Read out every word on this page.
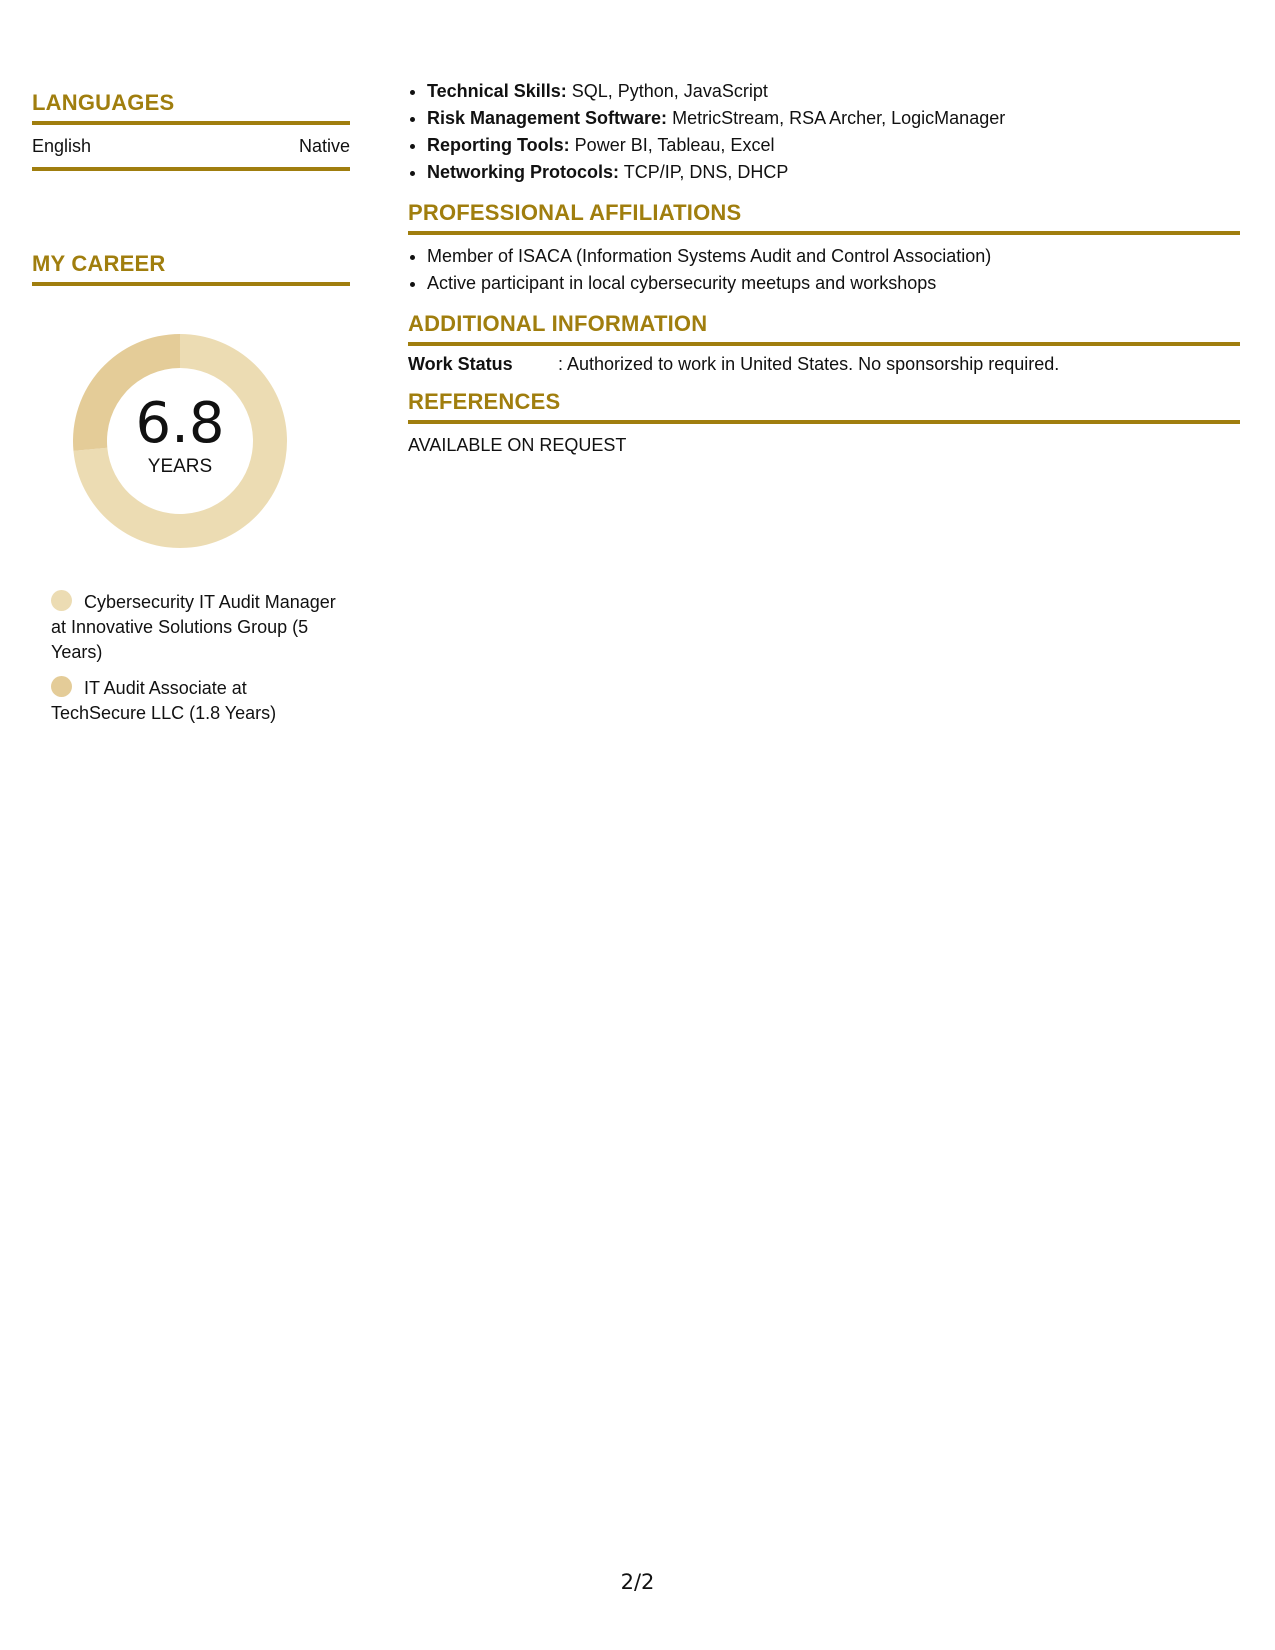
LANGUAGES
English	Native
MY CAREER
6.8
YEARS
Cybersecurity IT Audit Manager at Innovative Solutions Group (5 Years)
IT Audit Associate at TechSecure LLC (1.8 Years)
• Technical Skills: SQL, Python, JavaScript
• Risk Management Software: MetricStream, RSA Archer, LogicManager
• Reporting Tools: Power BI, Tableau, Excel
• Networking Protocols: TCP/IP, DNS, DHCP
PROFESSIONAL AFFILIATIONS
• Member of ISACA (Information Systems Audit and Control Association)
• Active participant in local cybersecurity meetups and workshops
ADDITIONAL INFORMATION
Work Status	: Authorized to work in United States. No sponsorship required.
REFERENCES
AVAILABLE ON REQUEST
2/2
